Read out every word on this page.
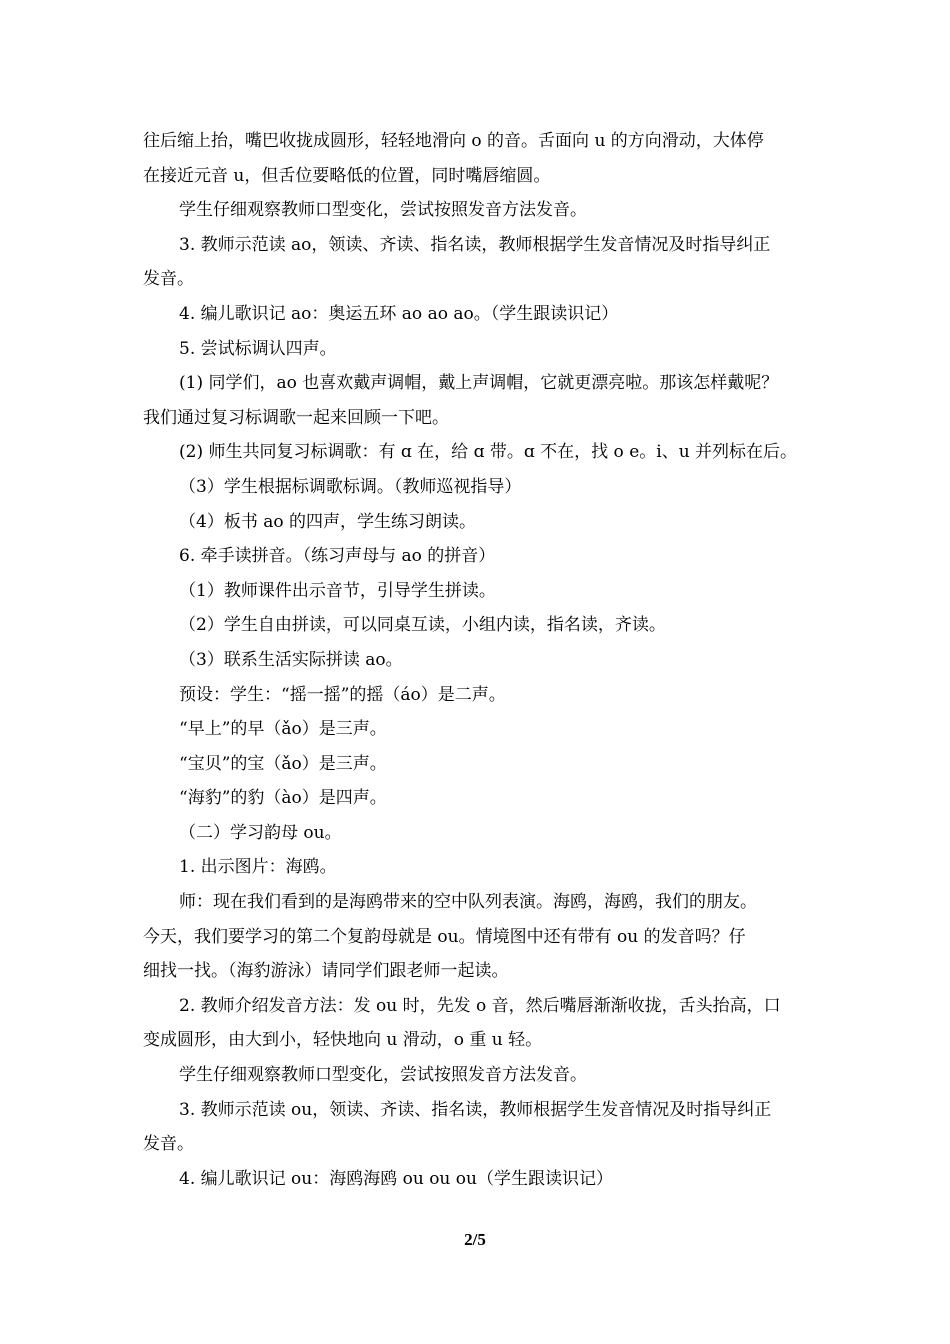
往后缩上抬，嘴巴收拢成圆形，轻轻地滑向 o 的音。舌面向 u 的方向滑动，大体停
在接近元音 u，但舌位要略低的位置，同时嘴唇缩圆。
学生仔细观察教师口型变化，尝试按照发音方法发音。
3. 教师示范读 ao，领读、齐读、指名读，教师根据学生发音情况及时指导纠正
发音。
4. 编儿歌识记 ao：奥运五环 ao ao ao。（学生跟读识记）
5. 尝试标调认四声。
(1) 同学们，ao 也喜欢戴声调帽，戴上声调帽，它就更漂亮啦。那该怎样戴呢？
我们通过复习标调歌一起来回顾一下吧。
(2) 师生共同复习标调歌：有 ɑ 在，给 ɑ 带。ɑ 不在，找 o e。i、u 并列标在后。
（3）学生根据标调歌标调。（教师巡视指导）
（4）板书 ao 的四声，学生练习朗读。
6. 牵手读拼音。（练习声母与 ao 的拼音）
（1）教师课件出示音节，引导学生拼读。
（2）学生自由拼读，可以同桌互读，小组内读，指名读，齐读。
（3）联系生活实际拼读 ao。
预设：学生：“摇一摇”的摇（áo）是二声。
“早上”的早（ǎo）是三声。
“宝贝”的宝（ǎo）是三声。
“海豹”的豹（ào）是四声。
（二）学习韵母 ou。
1. 出示图片：海鸥。
师：现在我们看到的是海鸥带来的空中队列表演。海鸥，海鸥，我们的朋友。
今天，我们要学习的第二个复韵母就是 ou。情境图中还有带有 ou 的发音吗？仔
细找一找。（海豹游泳）请同学们跟老师一起读。
2. 教师介绍发音方法：发 ou 时，先发 o 音，然后嘴唇渐渐收拢，舌头抬高，口
变成圆形，由大到小，轻快地向 u 滑动，o 重 u 轻。
学生仔细观察教师口型变化，尝试按照发音方法发音。
3. 教师示范读 ou，领读、齐读、指名读，教师根据学生发音情况及时指导纠正
发音。
4. 编儿歌识记 ou：海鸥海鸥 ou ou ou（学生跟读识记）
2/5
